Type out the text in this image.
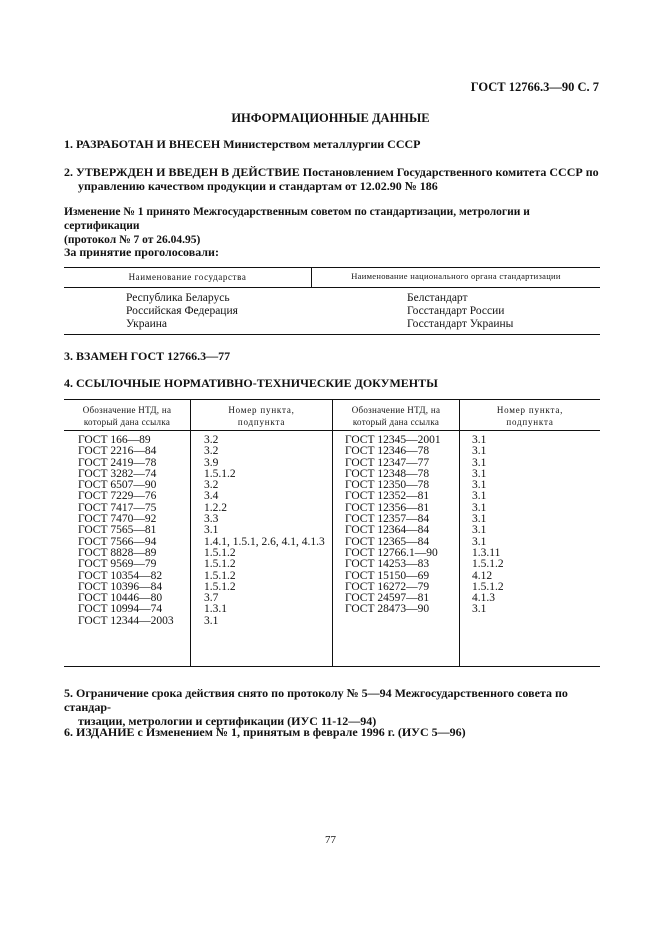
ГОСТ 12766.3—90 С. 7
ИНФОРМАЦИОННЫЕ ДАННЫЕ
1. РАЗРАБОТАН И ВНЕСЕН Министерством металлургии СССР
2. УТВЕРЖДЕН И ВВЕДЕН В ДЕЙСТВИЕ Постановлением Государственного комитета СССР по
управлению качеством продукции и стандартам от 12.02.90 № 186
Изменение № 1 принято Межгосударственным советом по стандартизации, метрологии и сертификации
(протокол № 7 от 26.04.95)
За принятие проголосовали:
Наименование государства	Наименование национального органа стандартизации
Республика Беларусь
Российская Федерация
Украина
Белстандарт
Госстандарт России
Госстандарт Украины
3. ВЗАМЕН ГОСТ 12766.3—77
4. ССЫЛОЧНЫЕ НОРМАТИВНО-ТЕХНИЧЕСКИЕ ДОКУМЕНТЫ
Обозначение НТД, на
который дана ссылка
Номер пункта,
подпункта
Обозначение НТД, на
который дана ссылка
Номер пункта,
подпункта
ГОСТ 166—89
ГОСТ 2216—84
ГОСТ 2419—78
ГОСТ 3282—74
ГОСТ 6507—90
ГОСТ 7229—76
ГОСТ 7417—75
ГОСТ 7470—92
ГОСТ 7565—81
ГОСТ 7566—94
ГОСТ 8828—89
ГОСТ 9569—79
ГОСТ 10354—82
ГОСТ 10396—84
ГОСТ 10446—80
ГОСТ 10994—74
ГОСТ 12344—2003
3.2
3.2
3.9
1.5.1.2
3.2
3.4
1.2.2
3.3
3.1
1.4.1, 1.5.1, 2.6, 4.1, 4.1.3
1.5.1.2
1.5.1.2
1.5.1.2
1.5.1.2
3.7
1.3.1
3.1
ГОСТ 12345—2001
ГОСТ 12346—78
ГОСТ 12347—77
ГОСТ 12348—78
ГОСТ 12350—78
ГОСТ 12352—81
ГОСТ 12356—81
ГОСТ 12357—84
ГОСТ 12364—84
ГОСТ 12365—84
ГОСТ 12766.1—90
ГОСТ 14253—83
ГОСТ 15150—69
ГОСТ 16272—79
ГОСТ 24597—81
ГОСТ 28473—90
3.1
3.1
3.1
3.1
3.1
3.1
3.1
3.1
3.1
3.1
1.3.11
1.5.1.2
4.12
1.5.1.2
4.1.3
3.1
5. Ограничение срока действия снято по протоколу № 5—94 Межгосударственного совета по стандар-
тизации, метрологии и сертификации (ИУС 11-12—94)
6. ИЗДАНИЕ с Изменением № 1, принятым в феврале 1996 г. (ИУС 5—96)
77
